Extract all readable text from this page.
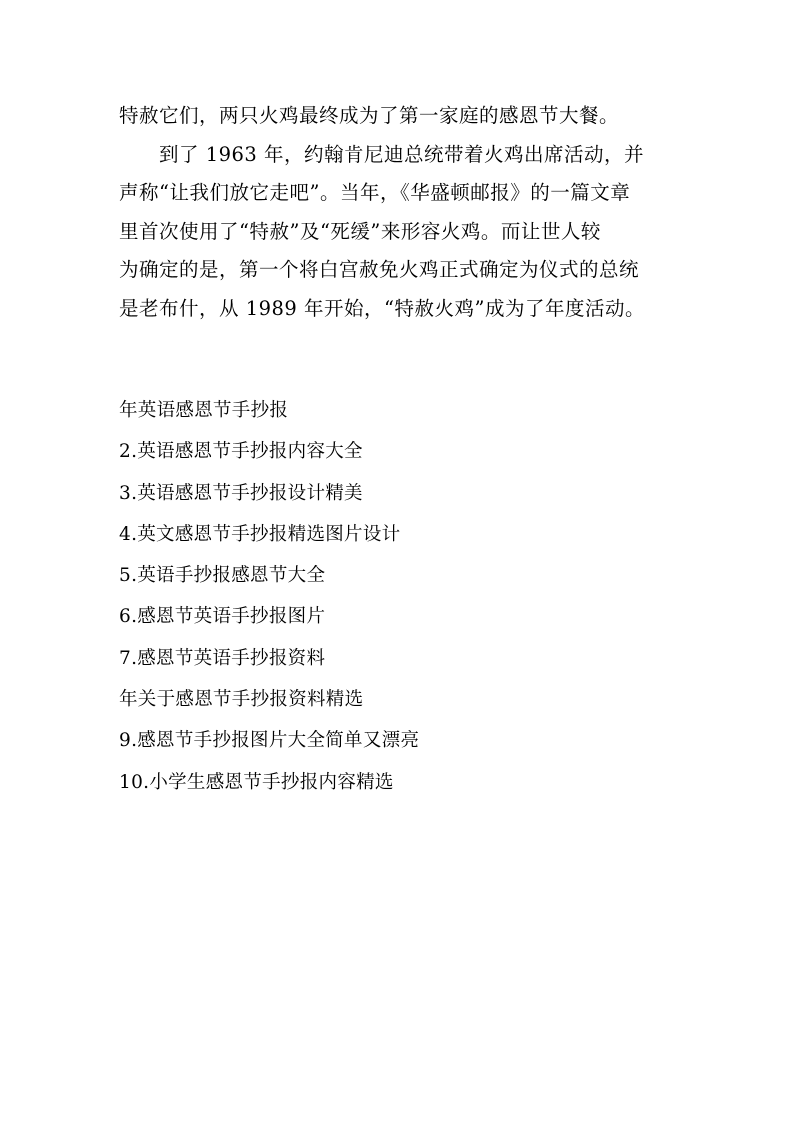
特赦它们，两只火鸡最终成为了第一家庭的感恩节大餐。

到了 1963 年，约翰肯尼迪总统带着火鸡出席活动，并
声称“让我们放它走吧”。当年，《华盛顿邮报》的一篇文章
里首次使用了“特赦”及“死缓”来形容火鸡。而让世人较
为确定的是，第一个将白宫赦免火鸡正式确定为仪式的总统
是老布什，从 1989 年开始，“特赦火鸡”成为了年度活动。

年英语感恩节手抄报
2.英语感恩节手抄报内容大全
3.英语感恩节手抄报设计精美
4.英文感恩节手抄报精选图片设计
5.英语手抄报感恩节大全
6.感恩节英语手抄报图片
7.感恩节英语手抄报资料
年关于感恩节手抄报资料精选
9.感恩节手抄报图片大全简单又漂亮
10.小学生感恩节手抄报内容精选
